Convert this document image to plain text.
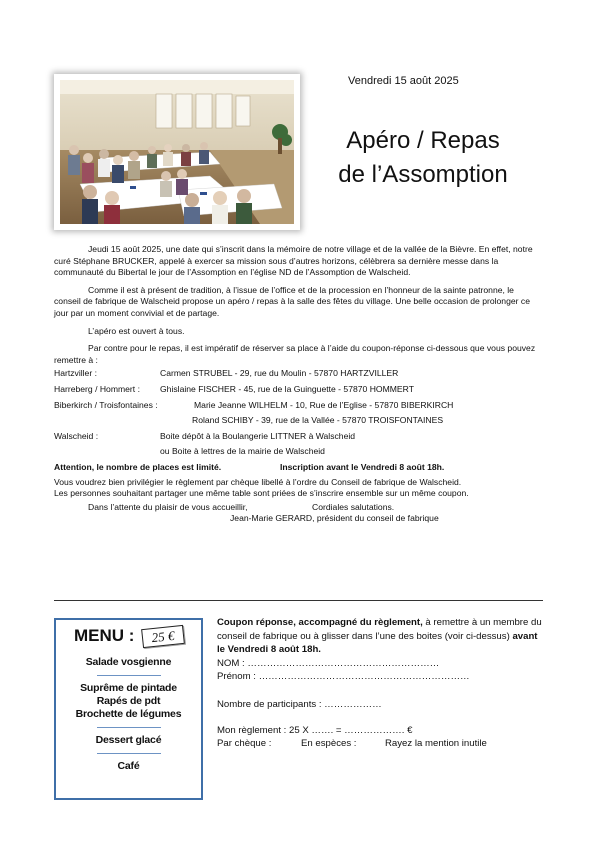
Vendredi 15 août 2025
Apéro / Repas
de l’Assomption

Jeudi 15 août 2025, une date qui s’inscrit dans la mémoire de notre village et de la vallée de la Bièvre. En effet, notre curé Stéphane BRUCKER, appelé à exercer sa mission sous d’autres horizons, célèbrera sa dernière messe dans la communauté du Bibertal le jour de l’Assomption en l’église ND de l’Assomption de Walscheid.

Comme il est à présent de tradition, à l’issue de l’office et de la procession en l’honneur de la sainte patronne, le conseil de fabrique de Walscheid propose un apéro / repas à la salle des fêtes du village. Une belle occasion de prolonger ce jour par un moment convivial et de partage.

L’apéro est ouvert à tous.

Par contre pour le repas, il est impératif de réserver sa place à l’aide du coupon-réponse ci-dessous que vous pouvez remettre à :

Hartzviller :	Carmen STRUBEL - 29, rue du Moulin - 57870 HARTZVILLER
Harreberg / Hommert :	Ghislaine FISCHER - 45, rue de la Guinguette - 57870 HOMMERT
Biberkirch / Troisfontaines :	Marie Jeanne WILHELM - 10, Rue de l’Eglise - 57870 BIBERKIRCH
Roland SCHIBY - 39, rue de la Vallée - 57870 TROISFONTAINES
Walscheid :	Boite dépôt à la Boulangerie LITTNER à Walscheid
ou Boite à lettres de la mairie de Walscheid
Attention, le nombre de places est limité.	Inscription avant le Vendredi 8 août 18h.
Vous voudrez bien privilégier le règlement par chèque libellé à l’ordre du Conseil de fabrique de Walscheid.
Les personnes souhaitant partager une même table sont priées de s’inscrire ensemble sur un même coupon.
Dans l’attente du plaisir de vous accueillir,	Cordiales salutations.
Jean-Marie GERARD, président du conseil de fabrique
MENU :	25 €
Salade vosgienne
Suprême de pintade
Rapés de pdt
Brochette de légumes
Dessert glacé
Café
Coupon réponse, accompagné du règlement, à remettre à un membre du conseil de fabrique ou à glisser dans l’une des boites (voir ci-dessus) avant le Vendredi 8 août 18h.
NOM : ……………………………………………………
Prénom : …………………………………………………………
Nombre de participants : ………………
Mon règlement : 25 X ……. = ………………. €
Par chèque :	En espèces :	Rayez la mention inutile
